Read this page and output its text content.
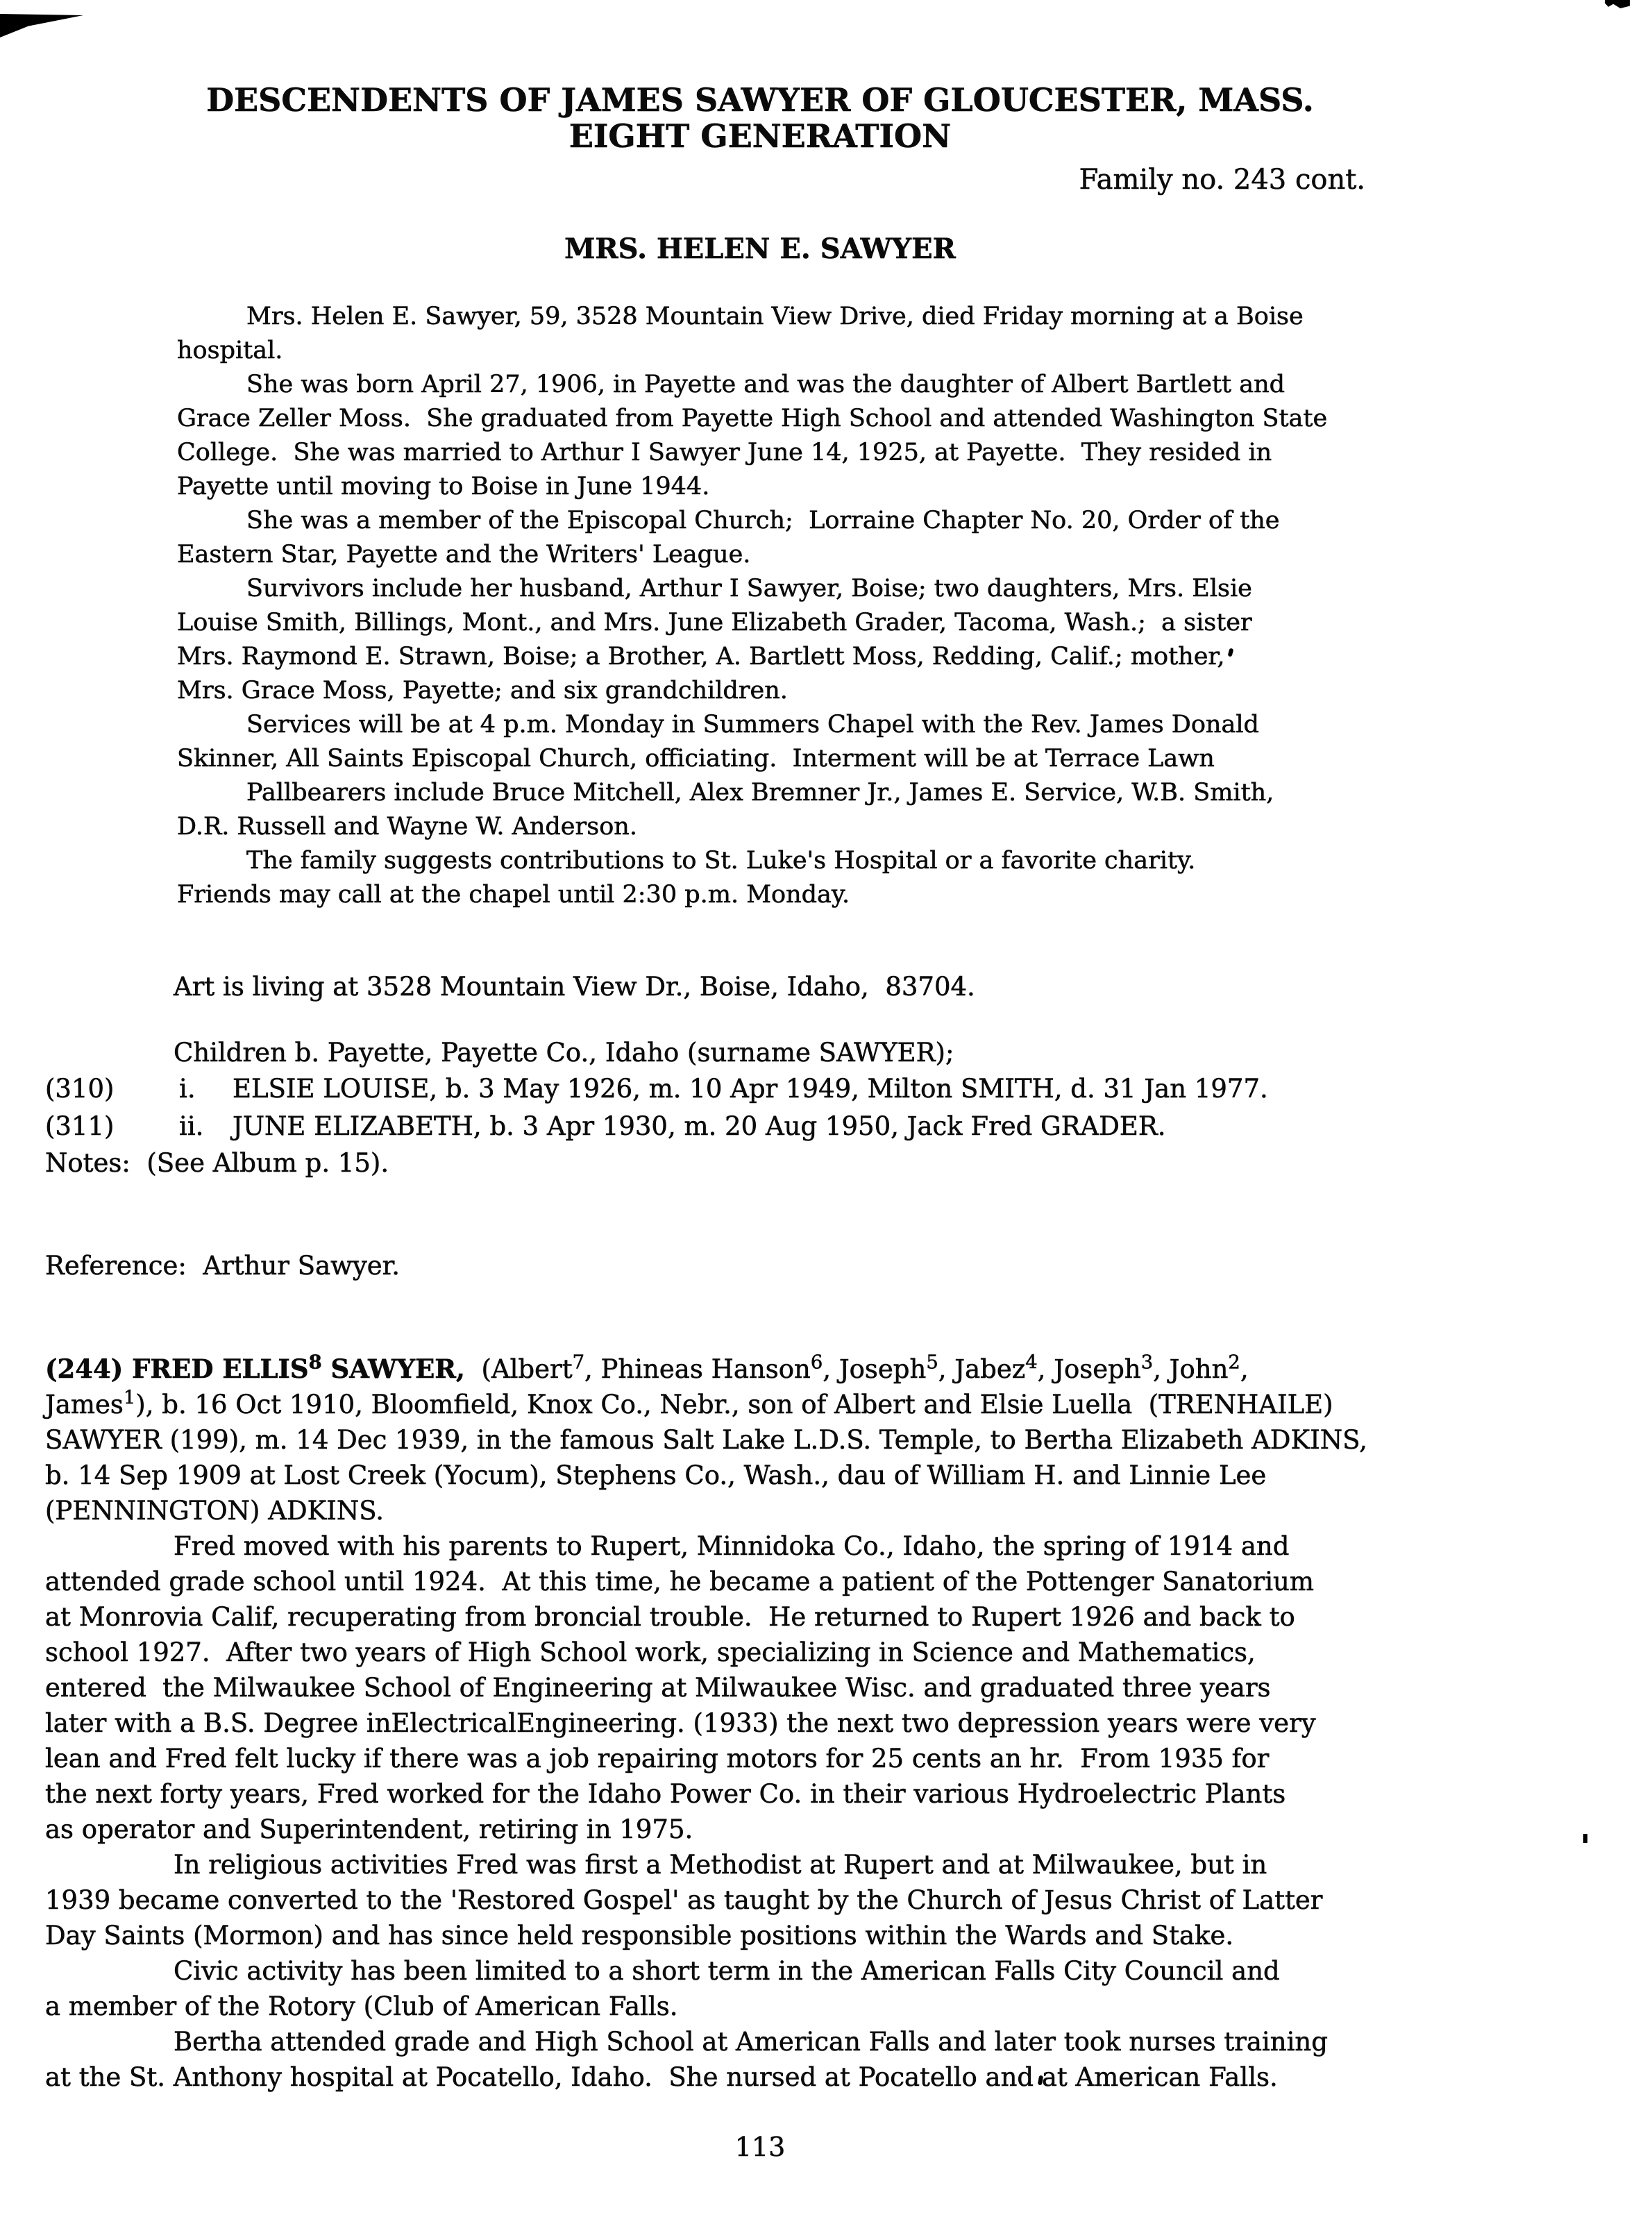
DESCENDENTS OF JAMES SAWYER OF GLOUCESTER, MASS.
EIGHT GENERATION
Family no. 243 cont.
MRS. HELEN E. SAWYER
Mrs. Helen E. Sawyer, 59, 3528 Mountain View Drive, died Friday morning at a Boise
hospital.
She was born April 27, 1906, in Payette and was the daughter of Albert Bartlett and
Grace Zeller Moss.  She graduated from Payette High School and attended Washington State
College.  She was married to Arthur I Sawyer June 14, 1925, at Payette.  They resided in
Payette until moving to Boise in June 1944.
She was a member of the Episcopal Church;  Lorraine Chapter No. 20, Order of the
Eastern Star, Payette and the Writers' League.
Survivors include her husband, Arthur I Sawyer, Boise; two daughters, Mrs. Elsie
Louise Smith, Billings, Mont., and Mrs. June Elizabeth Grader, Tacoma, Wash.;  a sister
Mrs. Raymond E. Strawn, Boise; a Brother, A. Bartlett Moss, Redding, Calif.; mother,
Mrs. Grace Moss, Payette; and six grandchildren.
Services will be at 4 p.m. Monday in Summers Chapel with the Rev. James Donald
Skinner, All Saints Episcopal Church, officiating.  Interment will be at Terrace Lawn
Pallbearers include Bruce Mitchell, Alex Bremner Jr., James E. Service, W.B. Smith,
D.R. Russell and Wayne W. Anderson.
The family suggests contributions to St. Luke's Hospital or a favorite charity.
Friends may call at the chapel until 2:30 p.m. Monday.
Art is living at 3528 Mountain View Dr., Boise, Idaho,  83704.
Children b. Payette, Payette Co., Idaho (surname SAWYER);
(310)	i.	ELSIE LOUISE, b. 3 May 1926, m. 10 Apr 1949, Milton SMITH, d. 31 Jan 1977.
(311)	ii.	JUNE ELIZABETH, b. 3 Apr 1930, m. 20 Aug 1950, Jack Fred GRADER.
Notes:  (See Album p. 15).
Reference:  Arthur Sawyer.
(244) FRED ELLIS$^8$ SAWYER,  (Albert$^7$, Phineas Hanson$^6$, Joseph$^5$, Jabez$^4$, Joseph$^3$, John$^2$,
James$^1$), b. 16 Oct 1910, Bloomfield, Knox Co., Nebr., son of Albert and Elsie Luella  (TRENHAILE)
SAWYER (199), m. 14 Dec 1939, in the famous Salt Lake L.D.S. Temple, to Bertha Elizabeth ADKINS,
b. 14 Sep 1909 at Lost Creek (Yocum), Stephens Co., Wash., dau of William H. and Linnie Lee
(PENNINGTON) ADKINS.
Fred moved with his parents to Rupert, Minnidoka Co., Idaho, the spring of 1914 and
attended grade school until 1924.  At this time, he became a patient of the Pottenger Sanatorium
at Monrovia Calif, recuperating from broncial trouble.  He returned to Rupert 1926 and back to
school 1927.  After two years of High School work, specializing in Science and Mathematics,
entered  the Milwaukee School of Engineering at Milwaukee Wisc. and graduated three years
later with a B.S. Degree inElectricalEngineering. (1933) the next two depression years were very
lean and Fred felt lucky if there was a job repairing motors for 25 cents an hr.  From 1935 for
the next forty years, Fred worked for the Idaho Power Co. in their various Hydroelectric Plants
as operator and Superintendent, retiring in 1975.
In religious activities Fred was first a Methodist at Rupert and at Milwaukee, but in
1939 became converted to the 'Restored Gospel' as taught by the Church of Jesus Christ of Latter
Day Saints (Mormon) and has since held responsible positions within the Wards and Stake.
Civic activity has been limited to a short term in the American Falls City Council and
a member of the Rotory (Club of American Falls.
Bertha attended grade and High School at American Falls and later took nurses training
at the St. Anthony hospital at Pocatello, Idaho.  She nursed at Pocatello and at American Falls.
113
